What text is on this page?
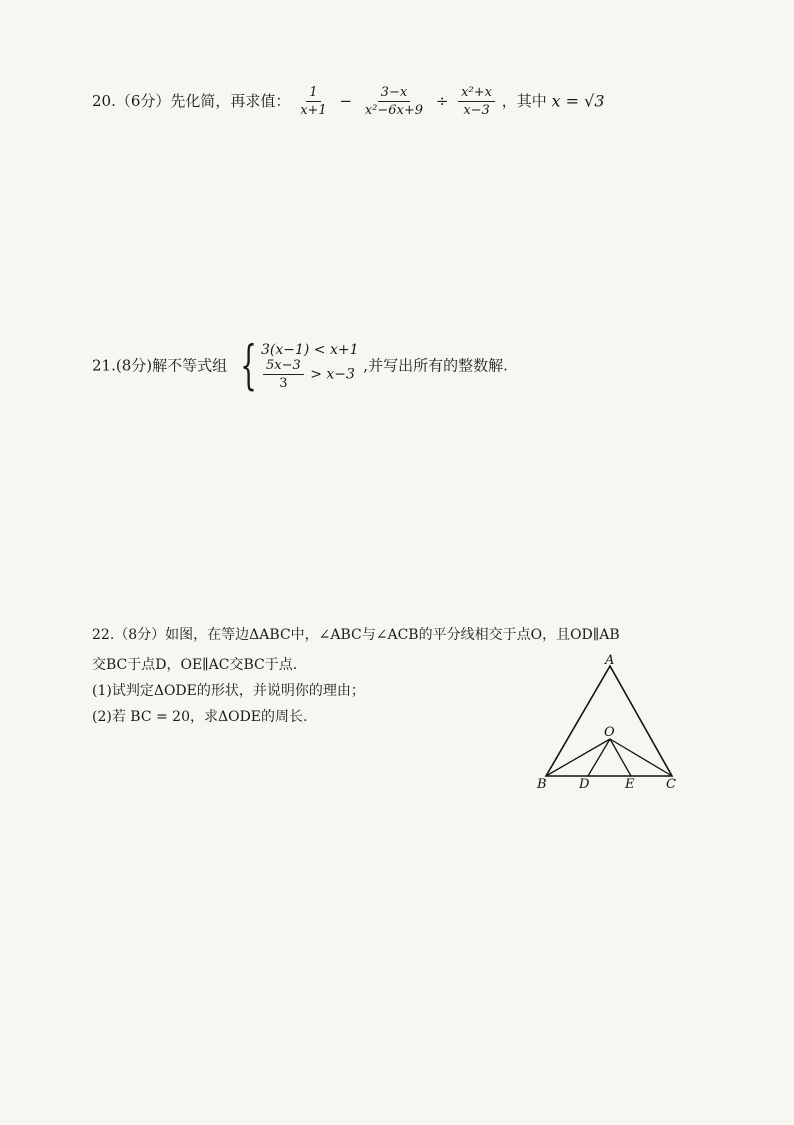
20.（6分）先化简，再求值： $\frac{1}{x+1} - \frac{3-x}{\text{x²−6x+9}} \div \frac{\text{x²+x}}{x-3}$ ，其中 x = √3
21.(8分)解不等式组 { 3(x−1) < x+1
$\frac{5x-3}{3} > x-3$ ,并写出所有的整数解.
22.（8分）如图，在等边ΔABC中，∠ABC与∠ACB的平分线相交于点O，且OD∥AB
交BC于点D，OE∥AC交BC于点.
(1)试判定ΔODE的形状，并说明你的理由；
(2)若 BC = 20，求ΔODE的周长.
A
B	C
O
D	E
